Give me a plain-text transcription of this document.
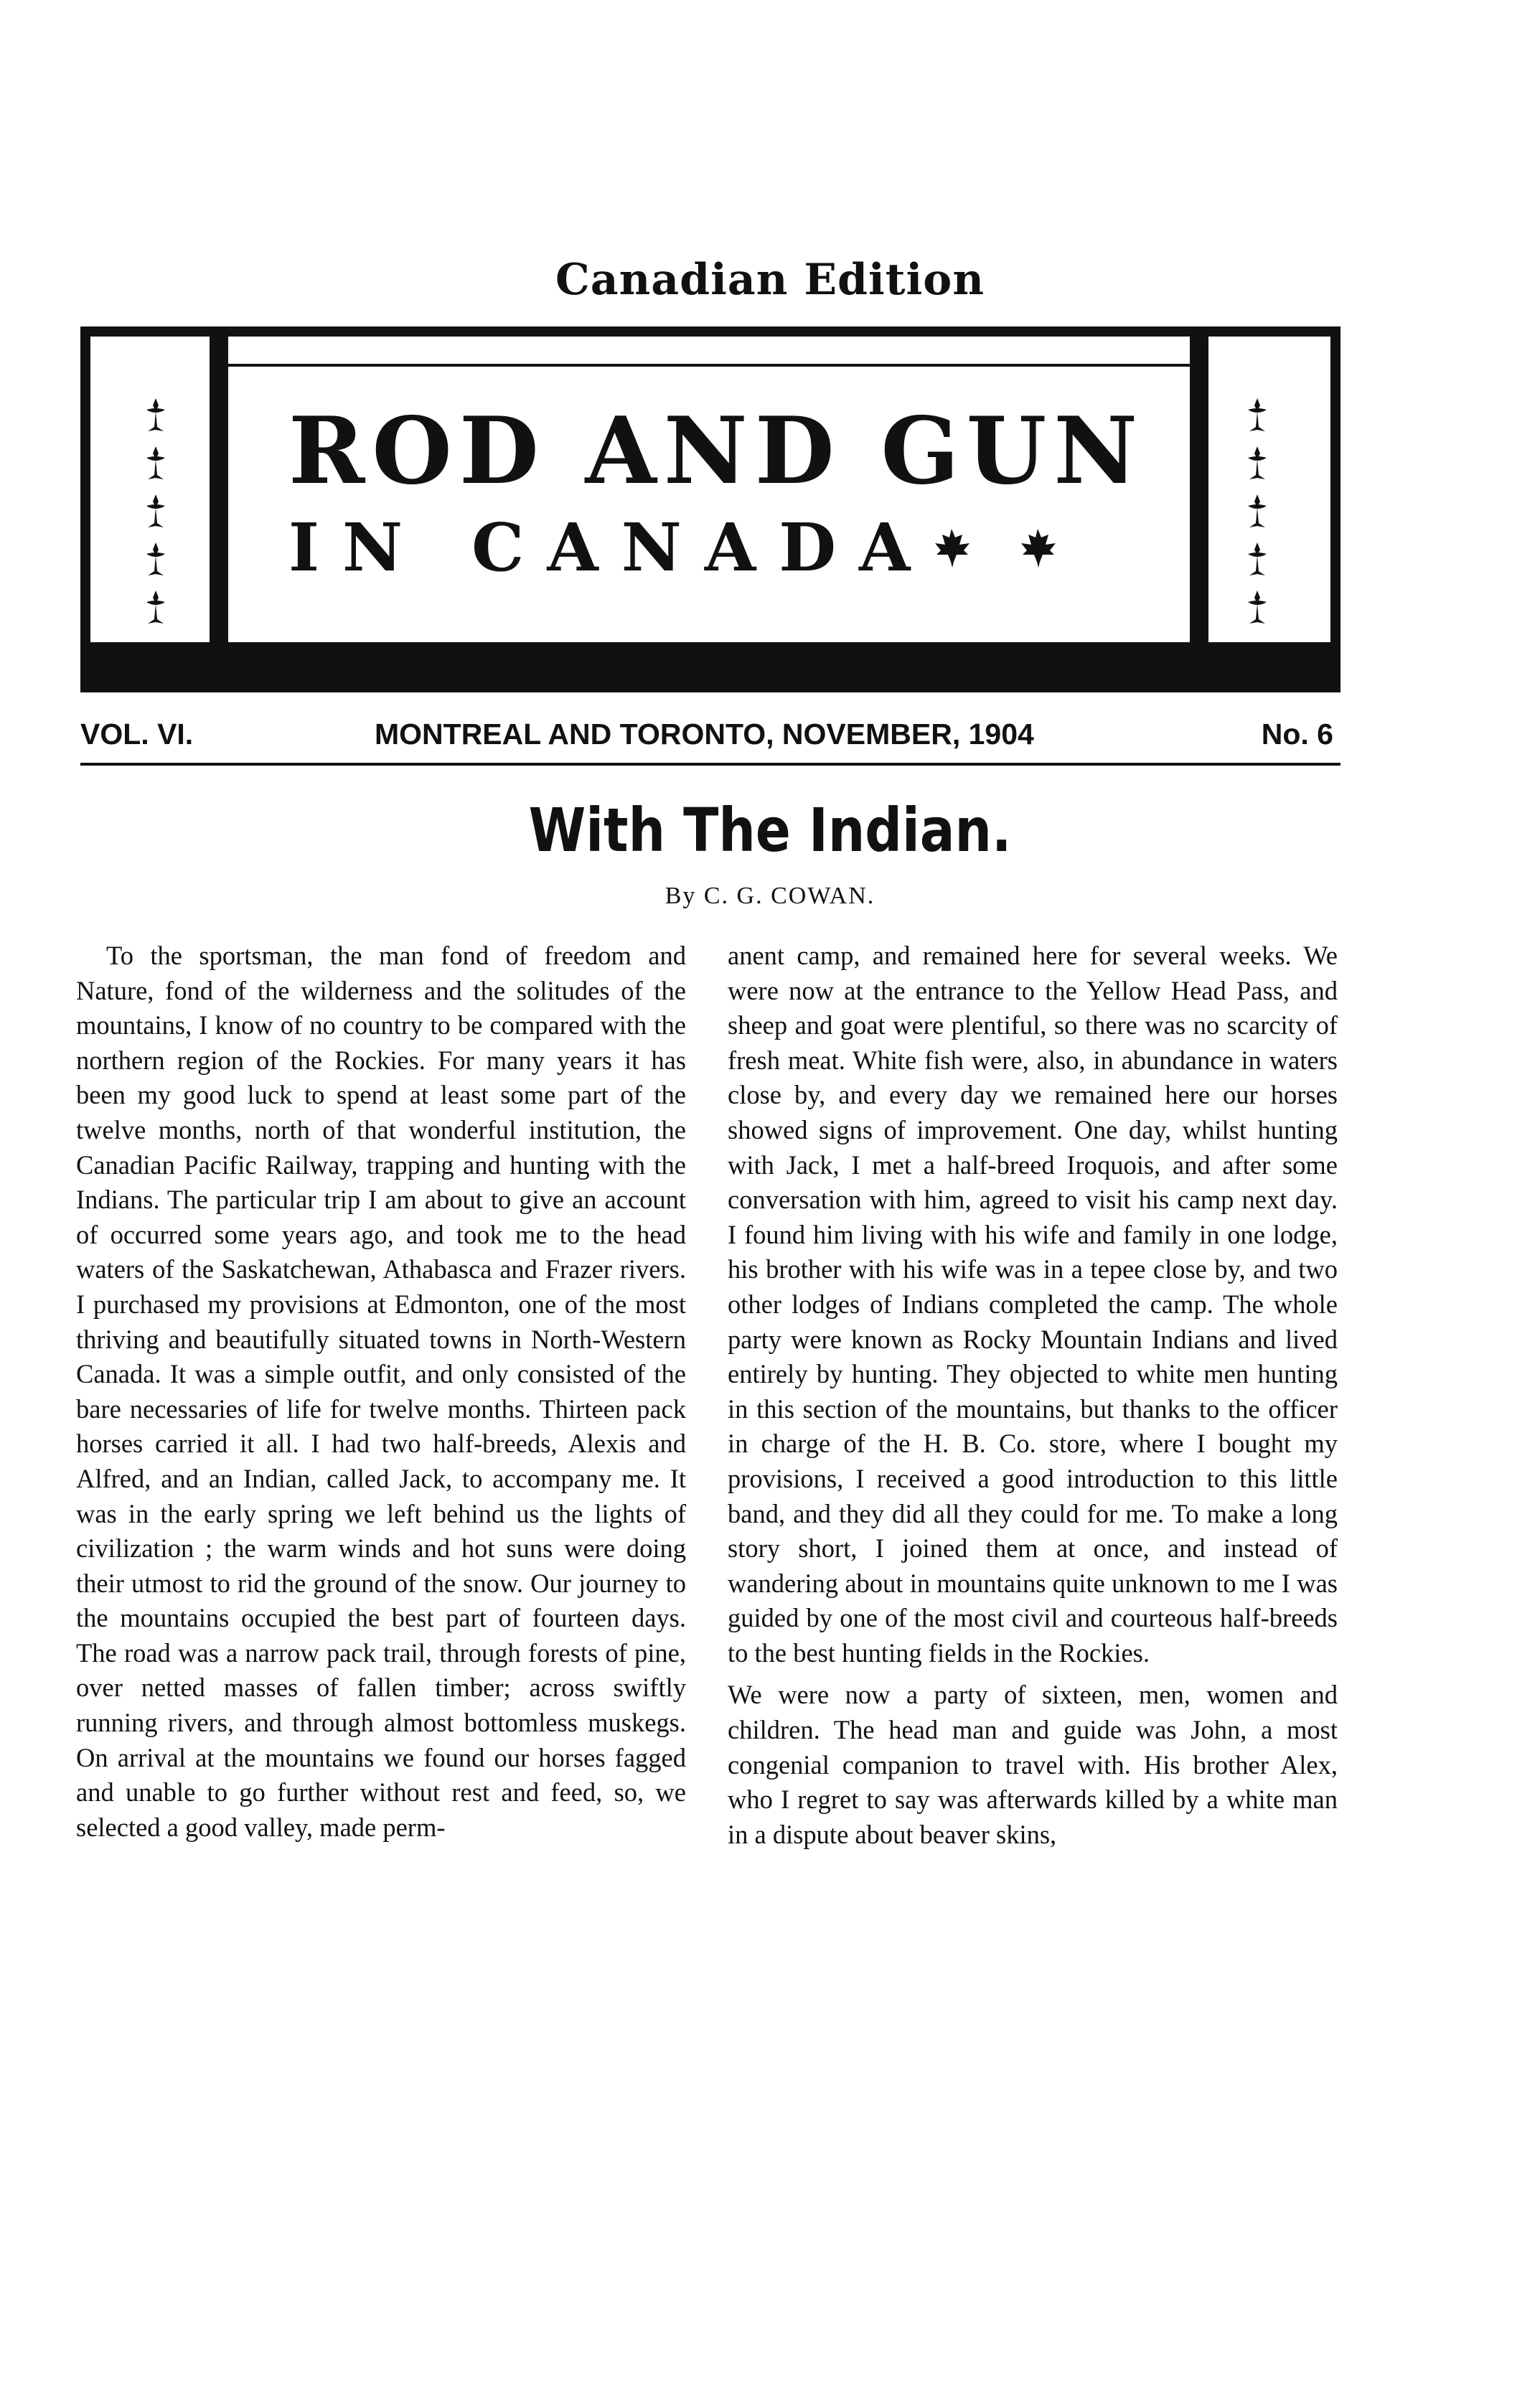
Canadian Edition
ROD AND GUN
IN CANADA
VOL. VI.	MONTREAL AND TORONTO, NOVEMBER, 1904	No. 6
With The Indian.
By C. G. COWAN.

To the sportsman, the man fond of freedom and Nature, fond of the wilderness and the solitudes of the mountains, I know of no country to be compared with the northern region of the Rockies. For many years it has been my good luck to spend at least some part of the twelve months, north of that wonderful institution, the Canadian Pacific Railway, trapping and hunting with the Indians. The particular trip I am about to give an account of occurred some years ago, and took me to the head waters of the Saskatchewan, Athabasca and Frazer rivers. I purchased my provisions at Edmonton, one of the most thriving and beautifully situated towns in North-Western Canada. It was a simple outfit, and only consisted of the bare necessaries of life for twelve months. Thirteen pack horses carried it all. I had two half-breeds, Alexis and Alfred, and an Indian, called Jack, to accompany me. It was in the early spring we left behind us the lights of civilization ; the warm winds and hot suns were doing their utmost to rid the ground of the snow. Our journey to the mountains occupied the best part of fourteen days. The road was a narrow pack trail, through forests of pine, over netted masses of fallen timber; across swiftly running rivers, and through almost bottomless muskegs. On arrival at the mountains we found our horses fagged and unable to go further without rest and feed, so, we selected a good valley, made perm-

anent camp, and remained here for several weeks. We were now at the entrance to the Yellow Head Pass, and sheep and goat were plentiful, so there was no scarcity of fresh meat. White fish were, also, in abundance in waters close by, and every day we remained here our horses showed signs of improvement. One day, whilst hunting with Jack, I met a half-breed Iroquois, and after some conversation with him, agreed to visit his camp next day. I found him living with his wife and family in one lodge, his brother with his wife was in a tepee close by, and two other lodges of Indians completed the camp. The whole party were known as Rocky Mountain Indians and lived entirely by hunting. They objected to white men hunting in this section of the mountains, but thanks to the officer in charge of the H. B. Co. store, where I bought my provisions, I received a good introduction to this little band, and they did all they could for me. To make a long story short, I joined them at once, and instead of wandering about in mountains quite unknown to me I was guided by one of the most civil and courteous half-breeds to the best hunting fields in the Rockies.

We were now a party of sixteen, men, women and children. The head man and guide was John, a most congenial companion to travel with. His brother Alex, who I regret to say was afterwards killed by a white man in a dispute about beaver skins,
